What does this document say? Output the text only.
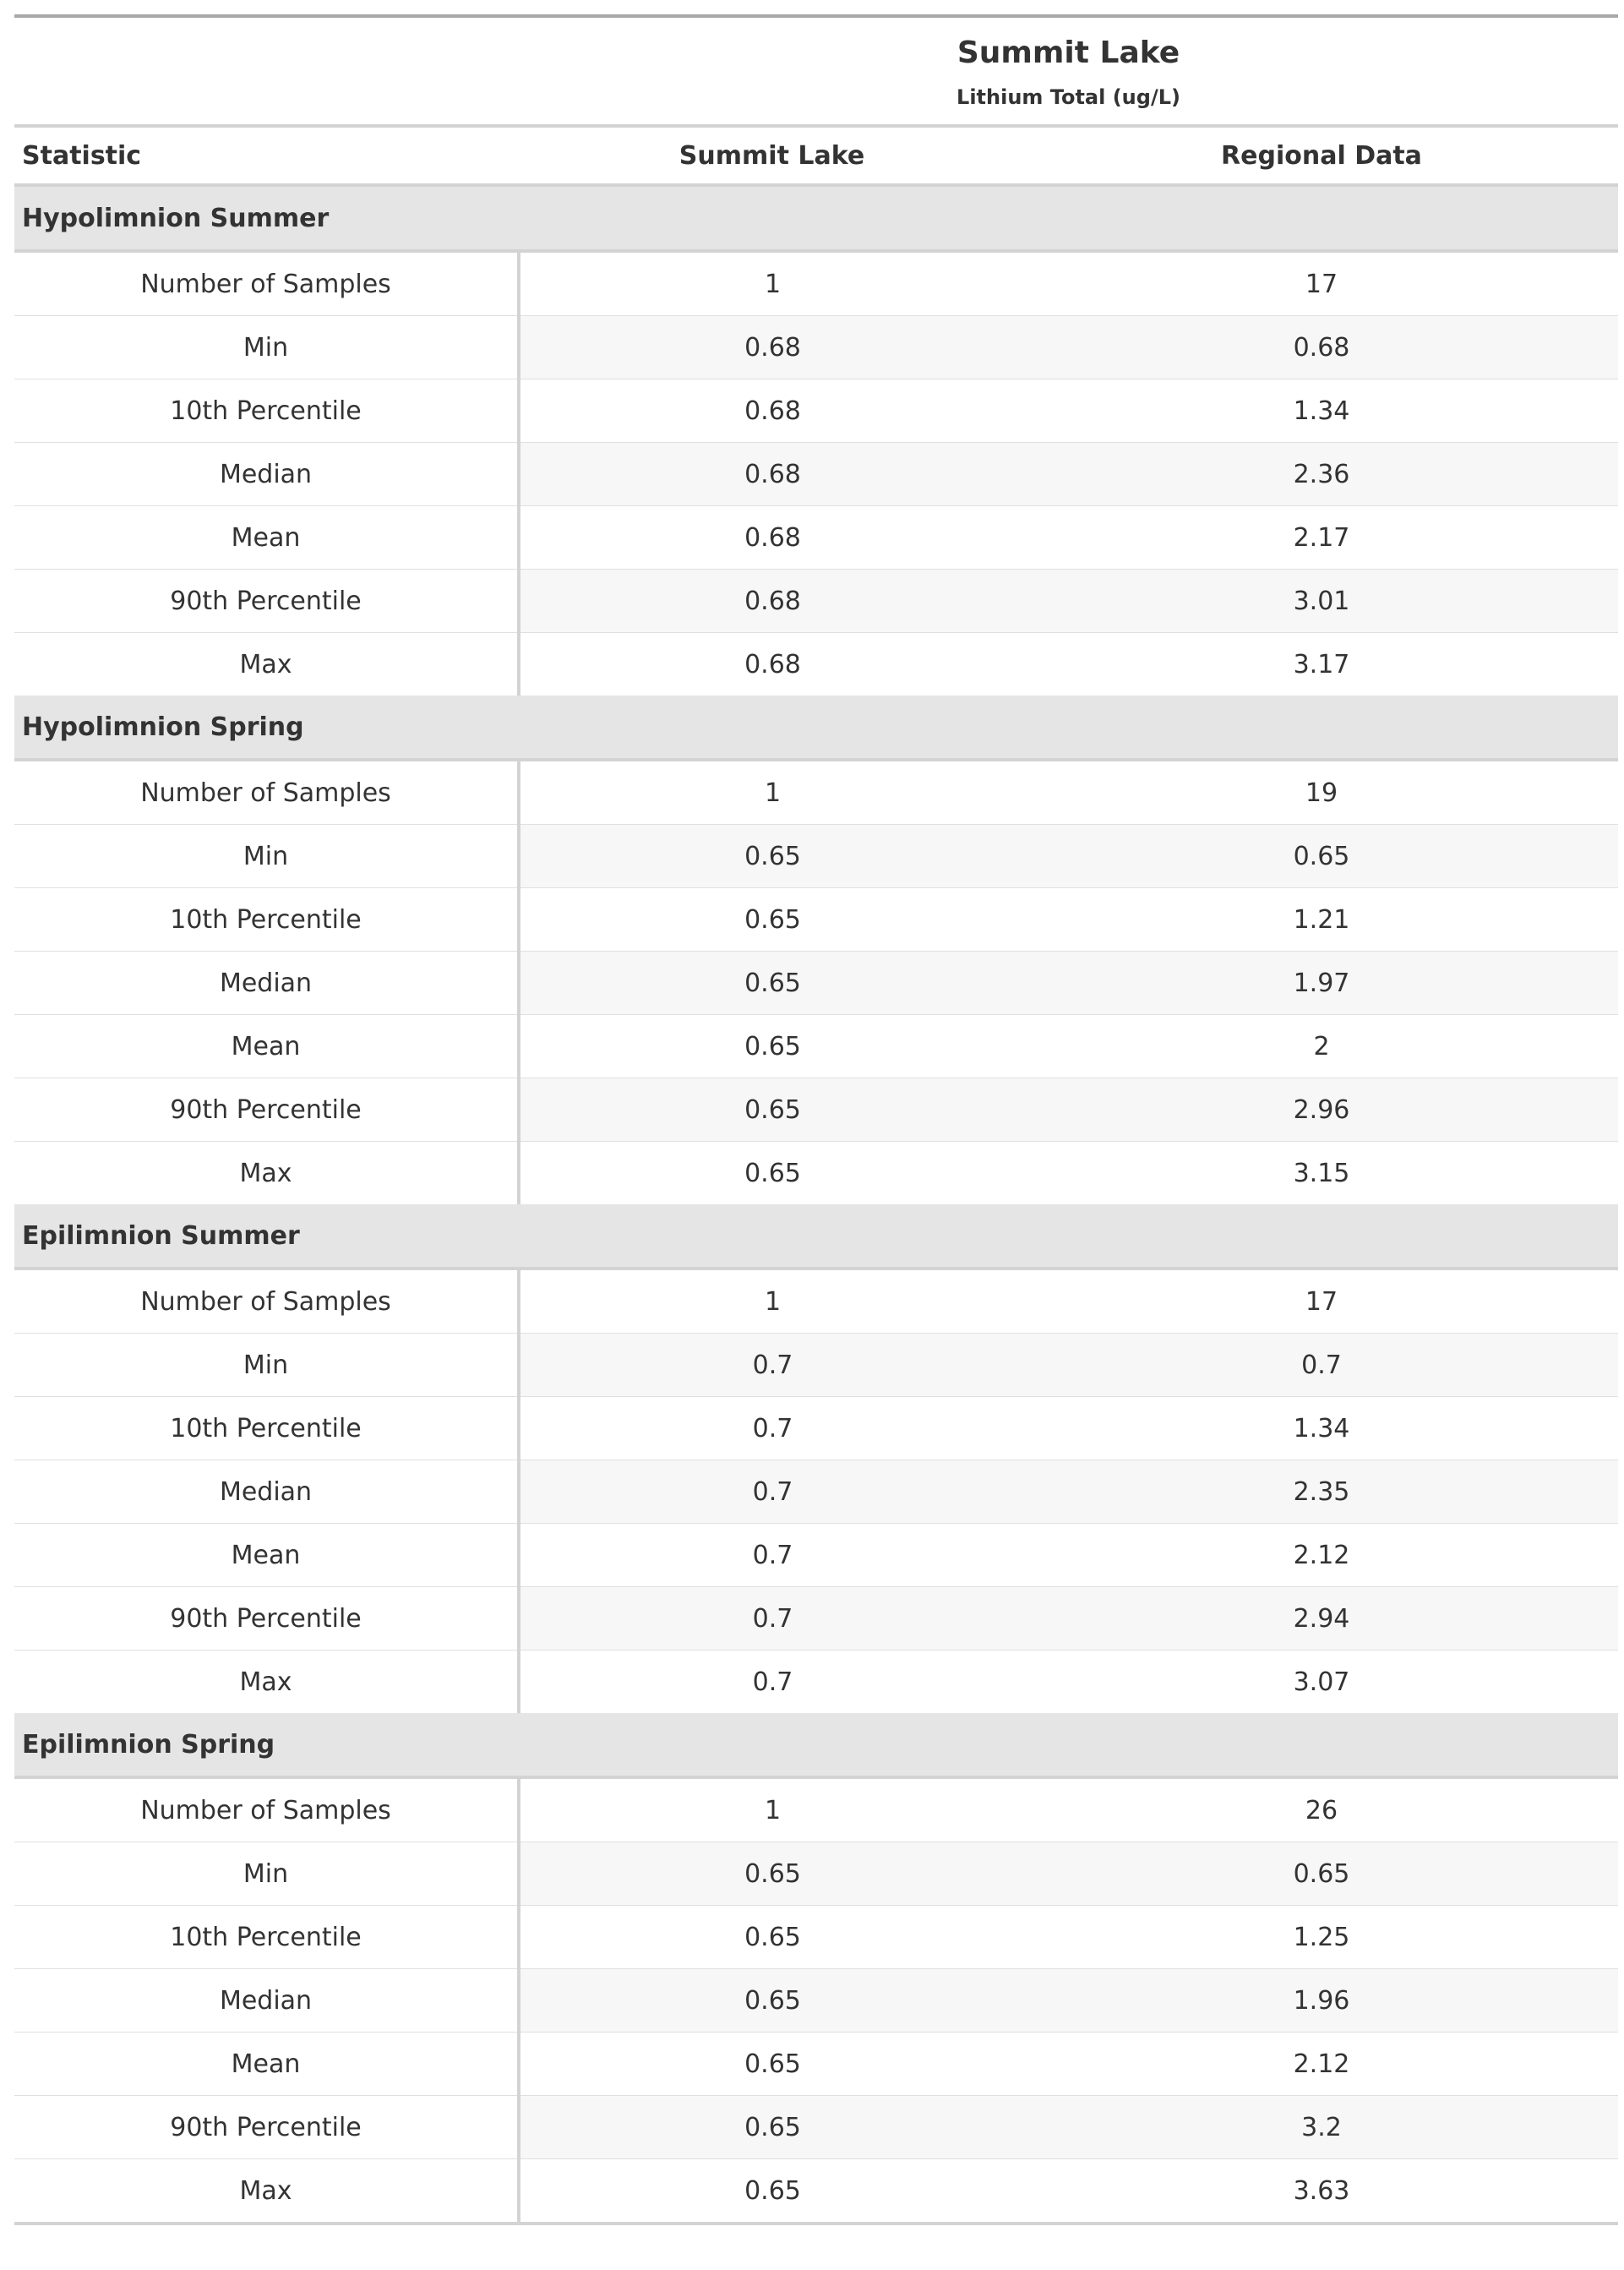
Summit Lake
Lithium Total (ug/L)		

Statistic	Summit Lake	Regional Data
Hypolimnion Summer		
Number of Samples	1	17
Min	0.68	0.68
10th Percentile	0.68	1.34
Median	0.68	2.36
Mean	0.68	2.17
90th Percentile	0.68	3.01
Max	0.68	3.17
Hypolimnion Spring		
Number of Samples	1	19
Min	0.65	0.65
10th Percentile	0.65	1.21
Median	0.65	1.97
Mean	0.65	2
90th Percentile	0.65	2.96
Max	0.65	3.15
Epilimnion Summer		
Number of Samples	1	17
Min	0.7	0.7
10th Percentile	0.7	1.34
Median	0.7	2.35
Mean	0.7	2.12
90th Percentile	0.7	2.94
Max	0.7	3.07
Epilimnion Spring		
Number of Samples	1	26
Min	0.65	0.65
10th Percentile	0.65	1.25
Median	0.65	1.96
Mean	0.65	2.12
90th Percentile	0.65	3.2
Max	0.65	3.63
